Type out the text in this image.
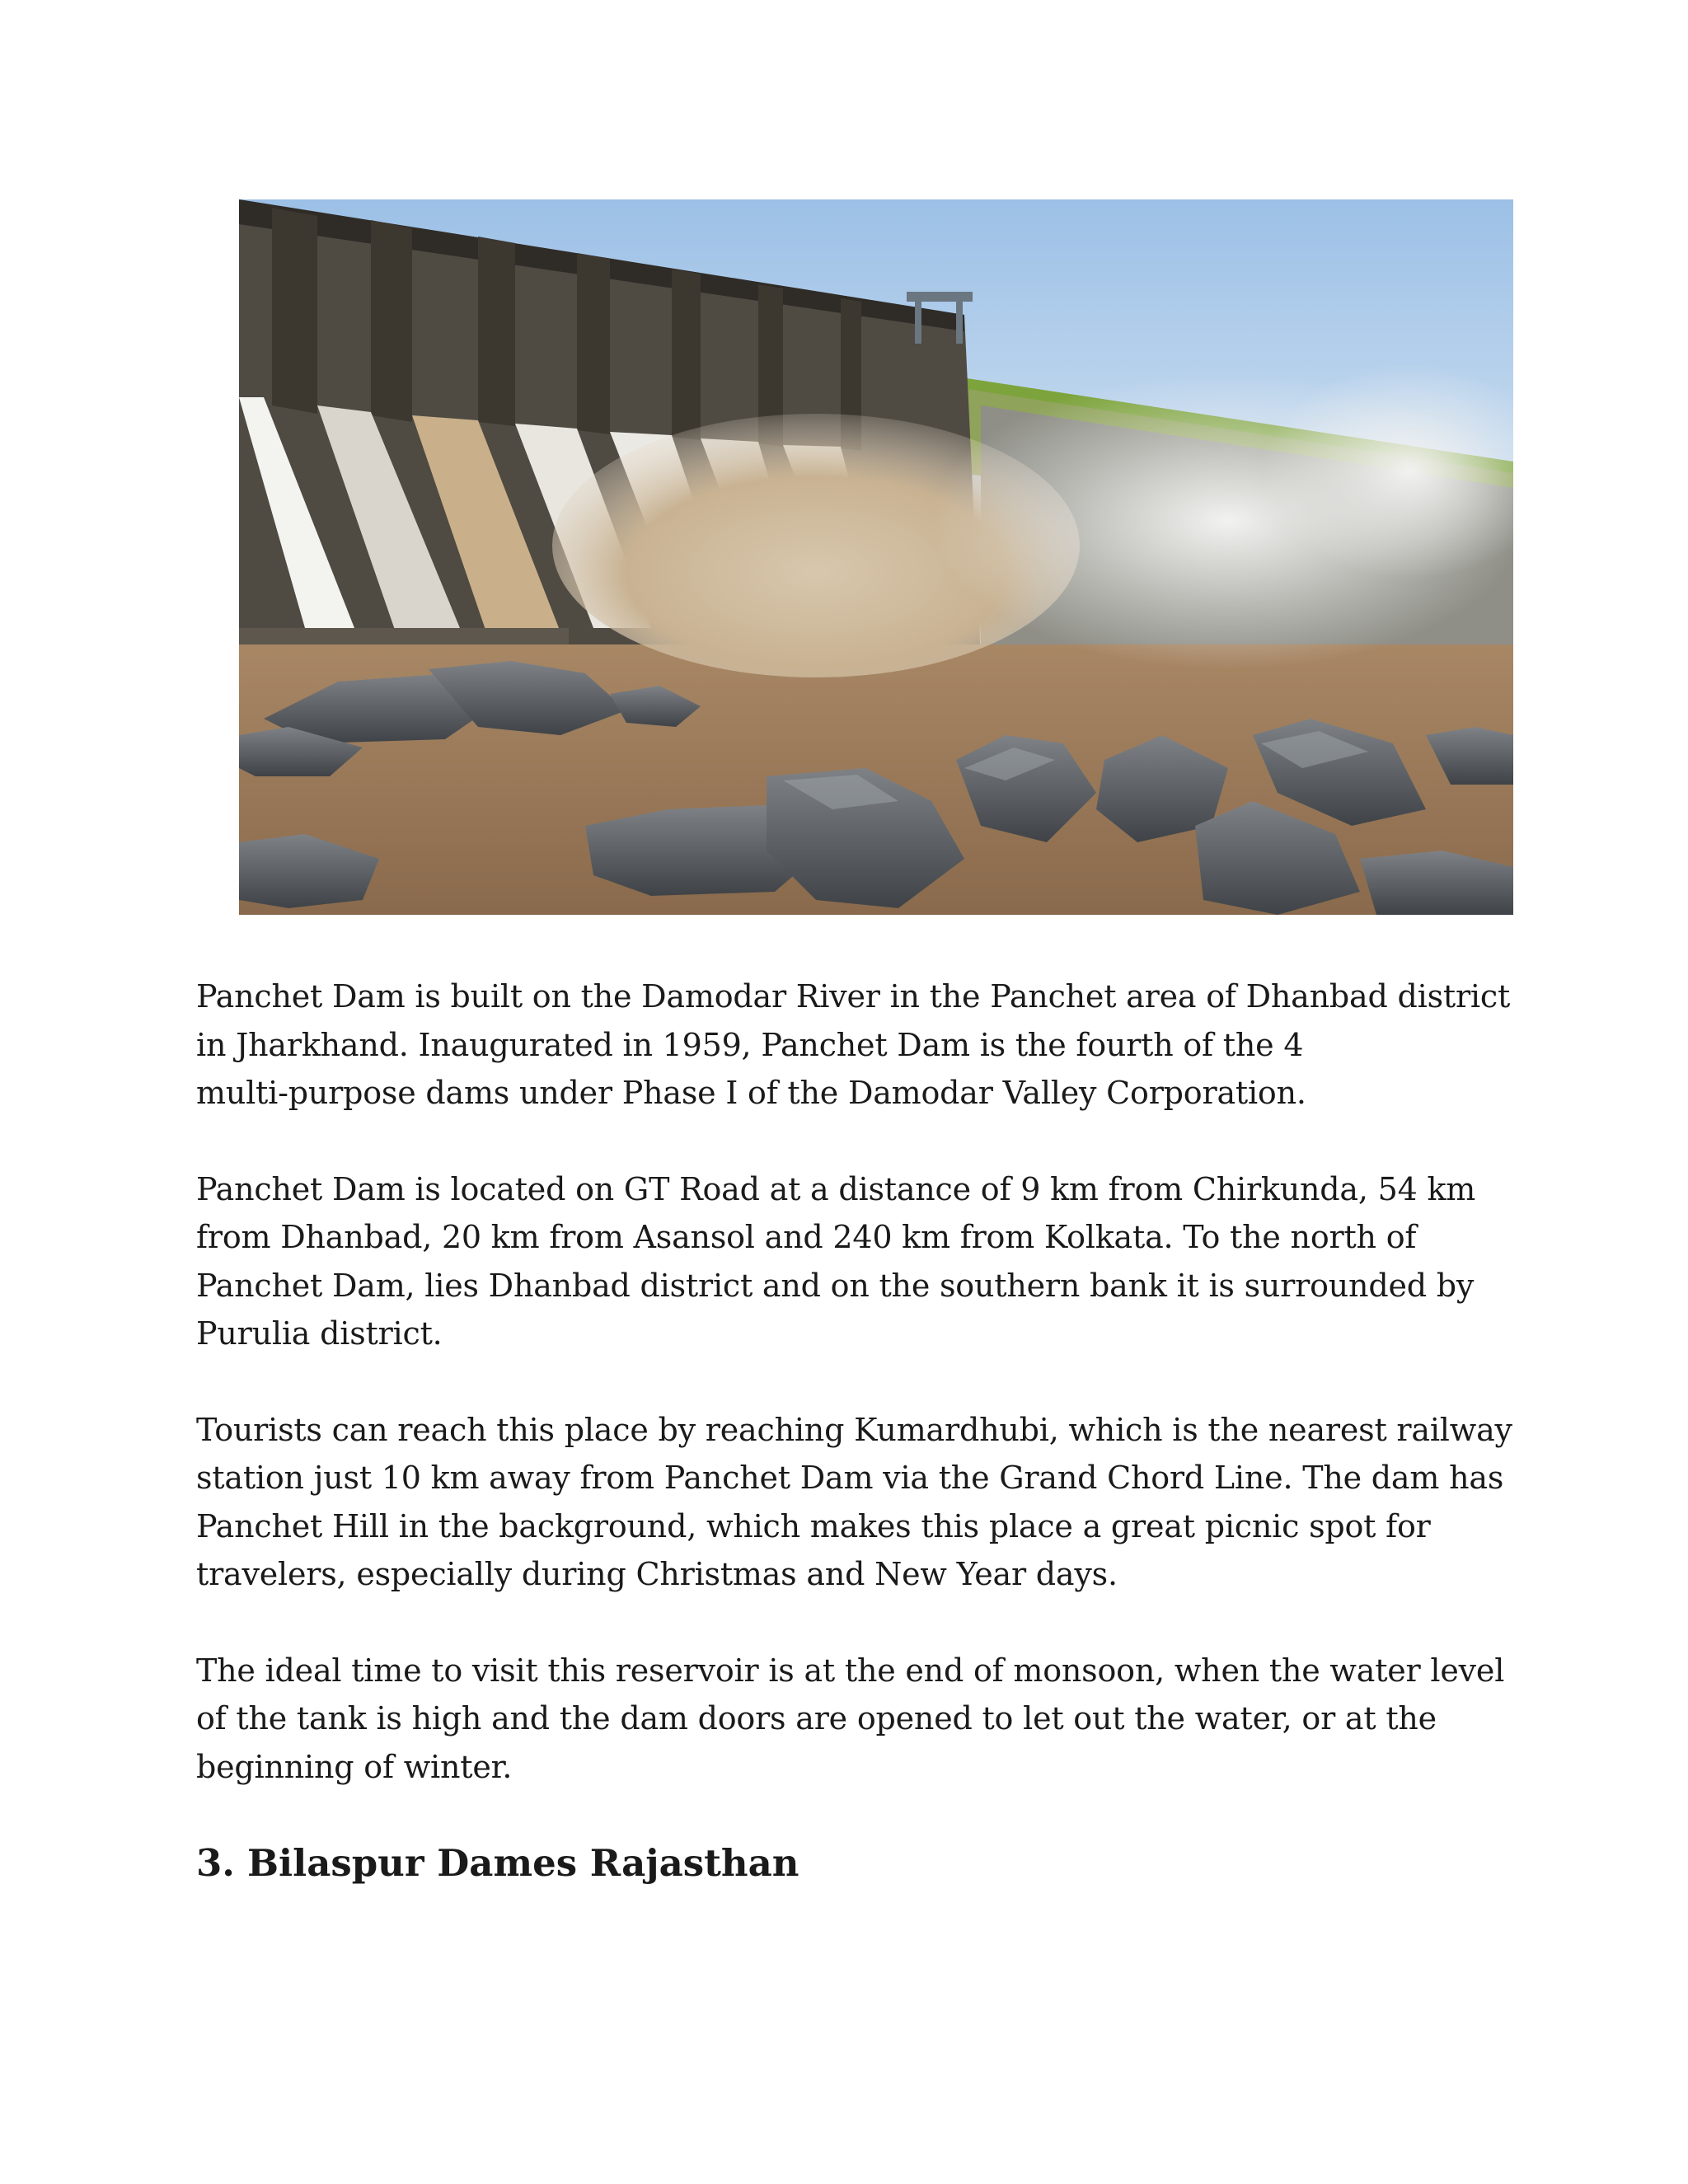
Panchet Dam is built on the Damodar River in the Panchet area of Dhanbad district
in Jharkhand. Inaugurated in 1959, Panchet Dam is the fourth of the 4
multi-purpose dams under Phase I of the Damodar Valley Corporation.

Panchet Dam is located on GT Road at a distance of 9 km from Chirkunda, 54 km
from Dhanbad, 20 km from Asansol and 240 km from Kolkata. To the north of
Panchet Dam, lies Dhanbad district and on the southern bank it is surrounded by
Purulia district.

Tourists can reach this place by reaching Kumardhubi, which is the nearest railway
station just 10 km away from Panchet Dam via the Grand Chord Line. The dam has
Panchet Hill in the background, which makes this place a great picnic spot for
travelers, especially during Christmas and New Year days.

The ideal time to visit this reservoir is at the end of monsoon, when the water level
of the tank is high and the dam doors are opened to let out the water, or at the
beginning of winter.

3. Bilaspur Dames Rajasthan
